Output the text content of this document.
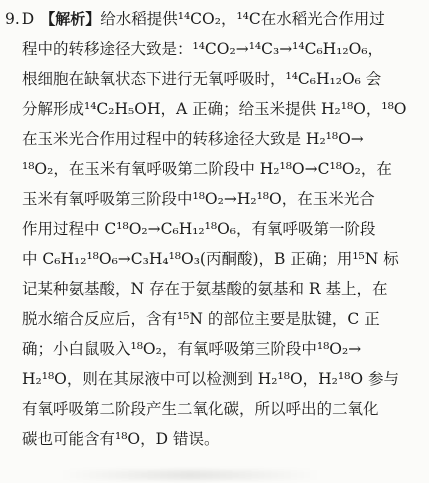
9. D 【解析】给水稻提供¹⁴CO₂，¹⁴C在水稻光合作用过
程中的转移途径大致是：¹⁴CO₂→¹⁴C₃→¹⁴C₆H₁₂O₆，
根细胞在缺氧状态下进行无氧呼吸时，¹⁴C₆H₁₂O₆ 会
分解形成¹⁴C₂H₅OH，A 正确；给玉米提供 H₂¹⁸O，¹⁸O
在玉米光合作用过程中的转移途径大致是 H₂¹⁸O→
¹⁸O₂，在玉米有氧呼吸第二阶段中 H₂¹⁸O→C¹⁸O₂，在
玉米有氧呼吸第三阶段中¹⁸O₂→H₂¹⁸O，在玉米光合
作用过程中 C¹⁸O₂→C₆H₁₂¹⁸O₆，有氧呼吸第一阶段
中 C₆H₁₂¹⁸O₆→C₃H₄¹⁸O₃(丙酮酸)，B 正确；用¹⁵N 标
记某种氨基酸，N 存在于氨基酸的氨基和 R 基上，在
脱水缩合反应后，含有¹⁵N 的部位主要是肽键，C 正
确；小白鼠吸入¹⁸O₂，有氧呼吸第三阶段中¹⁸O₂→
H₂¹⁸O，则在其尿液中可以检测到 H₂¹⁸O，H₂¹⁸O 参与
有氧呼吸第二阶段产生二氧化碳，所以呼出的二氧化
碳也可能含有¹⁸O，D 错误。
